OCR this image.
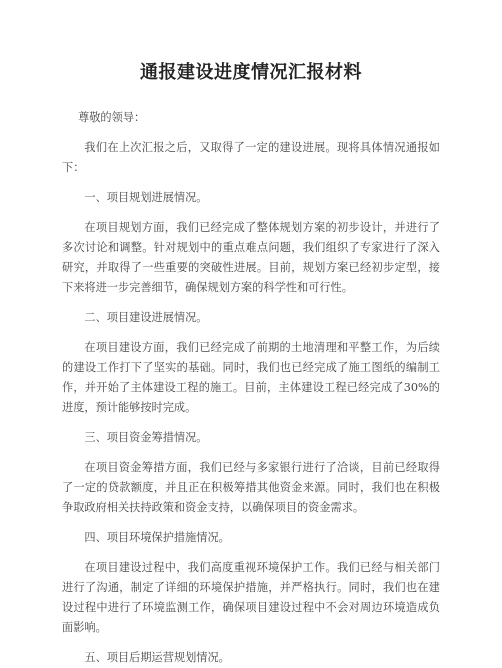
通报建设进度情况汇报材料

尊敬的领导：

我们在上次汇报之后，又取得了一定的建设进展。现将具体情况通报如下：

一、项目规划进展情况。

在项目规划方面，我们已经完成了整体规划方案的初步设计，并进行了多次讨论和调整。针对规划中的重点难点问题，我们组织了专家进行了深入研究，并取得了一些重要的突破性进展。目前，规划方案已经初步定型，接下来将进一步完善细节，确保规划方案的科学性和可行性。

二、项目建设进展情况。

在项目建设方面，我们已经完成了前期的土地清理和平整工作，为后续的建设工作打下了坚实的基础。同时，我们也已经完成了施工图纸的编制工作，并开始了主体建设工程的施工。目前，主体建设工程已经完成了30%的进度，预计能够按时完成。

三、项目资金筹措情况。

在项目资金筹措方面，我们已经与多家银行进行了洽谈，目前已经取得了一定的贷款额度，并且正在积极筹措其他资金来源。同时，我们也在积极争取政府相关扶持政策和资金支持，以确保项目的资金需求。

四、项目环境保护措施情况。

在项目建设过程中，我们高度重视环境保护工作。我们已经与相关部门进行了沟通，制定了详细的环境保护措施，并严格执行。同时，我们也在建设过程中进行了环境监测工作，确保项目建设过程中不会对周边环境造成负面影响。

五、项目后期运营规划情况。
